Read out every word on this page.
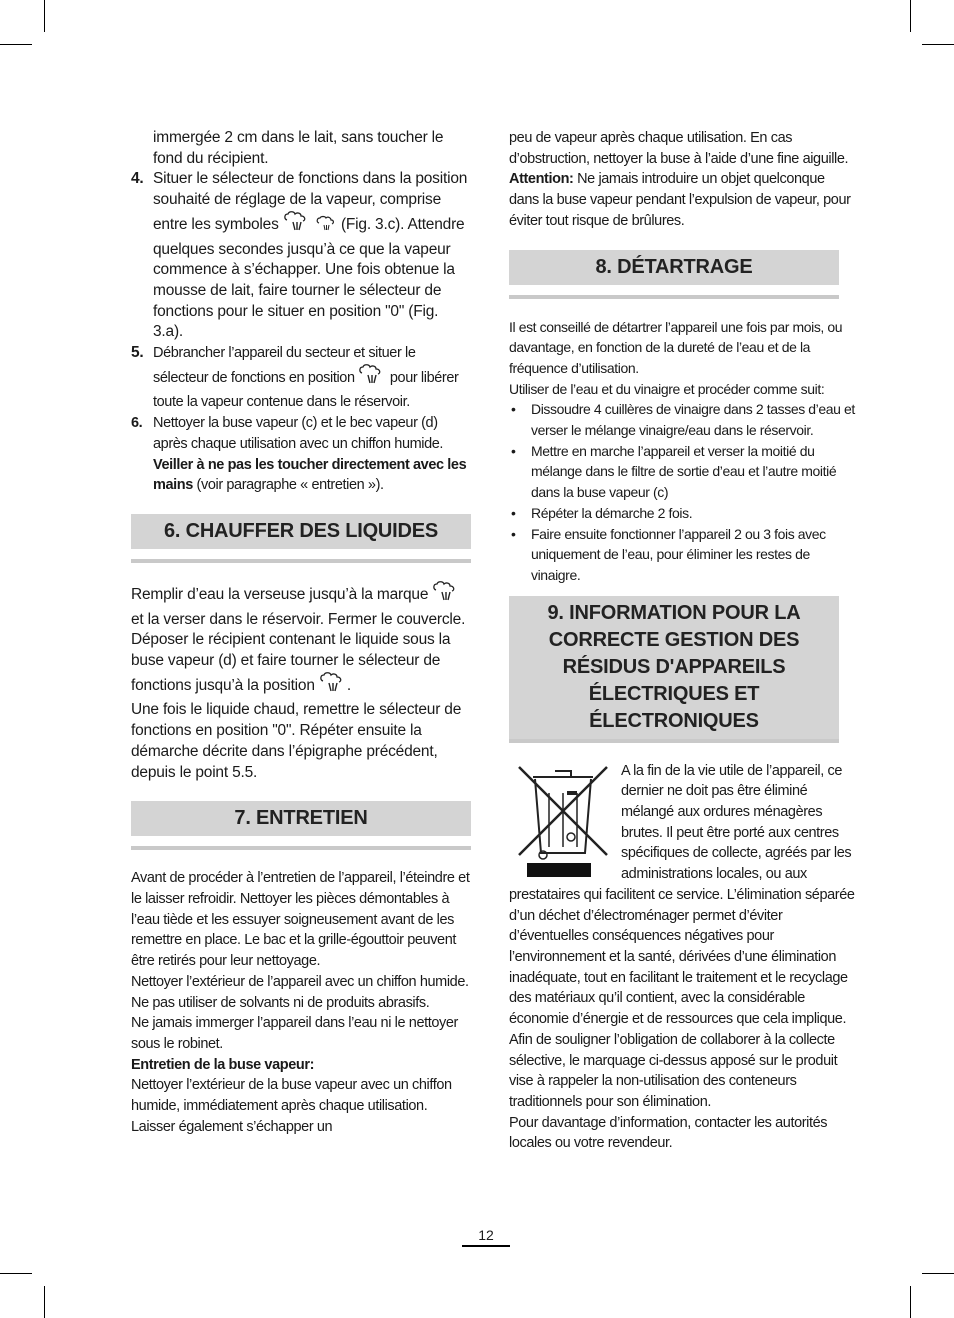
immergée 2 cm dans le lait, sans toucher le fond du récipient.

4. Situer le sélecteur de fonctions dans la position souhaité de réglage de la vapeur, comprise entre les symboles	(Fig. 3.c). Attendre quelques secondes jusqu’à ce que la vapeur commence à s’échapper. Une fois obtenue la mousse de lait, faire tourner le sélecteur de fonctions pour le situer en position "0" (Fig. 3.a).
5. Débrancher l’appareil du secteur et situer le sélecteur de fonctions en position  pour libérer toute la vapeur contenue dans le réservoir.
6. Nettoyer la buse vapeur (c) et le bec vapeur (d) après chaque utilisation avec un chiffon humide. Veiller à ne pas les toucher directement avec les mains (voir paragraphe « entretien »).
6. CHAUFFER DES LIQUIDES

Remplir d’eau la verseuse jusqu’à la marque  et la verser dans le réservoir. Fermer le couvercle. Déposer le récipient contenant le liquide sous la buse vapeur (d) et faire tourner le sélecteur de fonctions jusqu’à la position .

Une fois le liquide chaud, remettre le sélecteur de fonctions en position "0". Répéter ensuite la démarche décrite dans l’épigraphe précédent, depuis le point 5.5.

7. ENTRETIEN

Avant de procéder à l’entretien de l’appareil, l’éteindre et le laisser refroidir. Nettoyer les pièces démontables à l’eau tiède et les essuyer soigneusement avant de les remettre en place. Le bac et la grille-égouttoir peuvent être retirés pour leur nettoyage.

Nettoyer l’extérieur de l’appareil avec un chiffon humide. Ne pas utiliser de solvants ni de produits abrasifs.

Ne jamais immerger l’appareil dans l’eau ni le nettoyer sous le robinet.

Entretien de la buse vapeur:

Nettoyer l’extérieur de la buse vapeur avec un chiffon humide, immédiatement après chaque utilisation. Laisser également s’échapper un

peu de vapeur après chaque utilisation. En cas d’obstruction, nettoyer la buse à l’aide d’une fine aiguille.

Attention: Ne jamais introduire un objet quelconque dans la buse vapeur pendant l’expulsion de vapeur, pour éviter tout risque de brûlures.

8. DÉTARTRAGE

Il est conseillé de détartrer l’appareil une fois par mois, ou davantage, en fonction de la dureté de l’eau et de la fréquence d’utilisation.

Utiliser de l’eau et du vinaigre et procéder comme suit:

• Dissoudre 4 cuillères de vinaigre dans 2 tasses d’eau et verser le mélange vinaigre/eau dans le réservoir.
• Mettre en marche l’appareil et verser la moitié du mélange dans le filtre de sortie d’eau et l’autre moitié dans la buse vapeur (c)
• Répéter la démarche 2 fois.
• Faire ensuite fonctionner l’appareil 2 ou 3 fois avec uniquement de l’eau, pour éliminer les restes de vinaigre.
9. INFORMATION POUR LA CORRECTE GESTION DES RÉSIDUS D'APPAREILS ÉLECTRIQUES ET ÉLECTRONIQUES

A la fin de la vie utile de l’appareil, ce dernier ne doit pas être éliminé mélangé aux ordures ménagères brutes. Il peut être porté aux centres spécifiques de collecte, agréés par les administrations locales, ou aux prestataires qui facilitent ce service. L’élimination séparée d’un déchet d’électroménager permet d’éviter d’éventuelles conséquences négatives pour l’environnement et la santé, dérivées d’une élimination inadéquate, tout en facilitant le traitement et le recyclage des matériaux qu’il contient, avec la considérable économie d’énergie et de ressources que cela implique.

Afin de souligner l’obligation de collaborer à la collecte sélective, le marquage ci-dessus apposé sur le produit vise à rappeler la non-utilisation des conteneurs traditionnels pour son élimination.

Pour davantage d’information, contacter les autorités locales ou votre revendeur.

12
